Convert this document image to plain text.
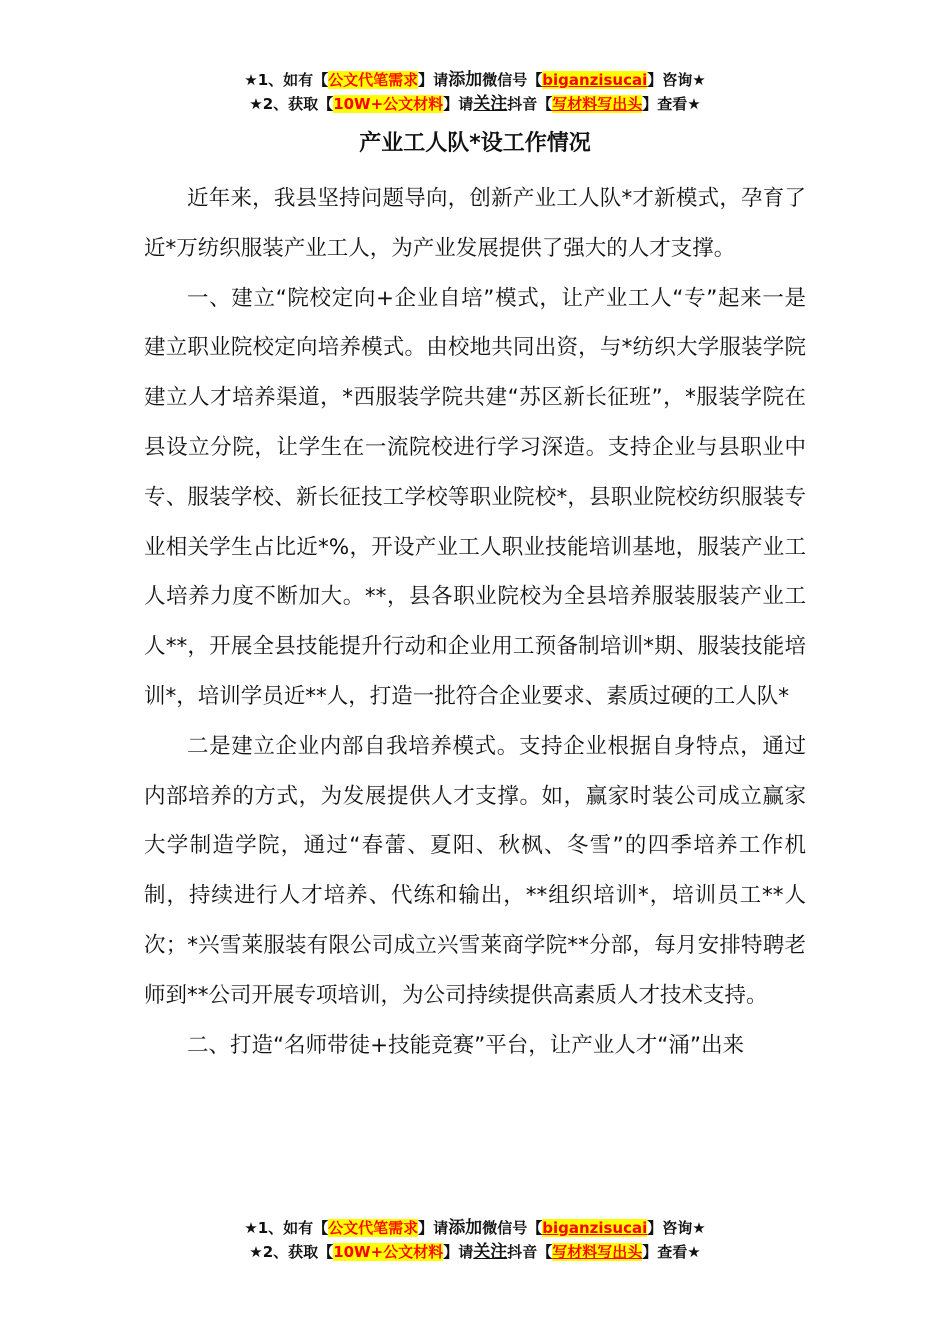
★1、如有【公文代笔需求】请添加微信号【biganzisucai】咨询★
★2、获取【10W+公文材料】请关注抖音【写材料写出头】查看★
产业工人队*设工作情况

近年来，我县坚持问题导向，创新产业工人队*才新模式，孕育了近*万纺织服装产业工人，为产业发展提供了强大的人才支撑。

一、建立“院校定向+企业自培”模式，让产业工人“专”起来一是建立职业院校定向培养模式。由校地共同出资，与*纺织大学服装学院建立人才培养渠道，*西服装学院共建“苏区新长征班”，*服装学院在县设立分院，让学生在一流院校进行学习深造。支持企业与县职业中专、服装学校、新长征技工学校等职业院校*，县职业院校纺织服装专业相关学生占比近*%，开设产业工人职业技能培训基地，服装产业工人培养力度不断加大。**，县各职业院校为全县培养服装服装产业工人**，开展全县技能提升行动和企业用工预备制培训*期、服装技能培训*，培训学员近**人，打造一批符合企业要求、素质过硬的工人队*

二是建立企业内部自我培养模式。支持企业根据自身特点，通过内部培养的方式，为发展提供人才支撑。如，赢家时装公司成立赢家大学制造学院，通过“春蕾、夏阳、秋枫、冬雪”的四季培养工作机制，持续进行人才培养、代练和输出，**组织培训*，培训员工**人次；*兴雪莱服装有限公司成立兴雪莱商学院**分部，每月安排特聘老师到**公司开展专项培训，为公司持续提供高素质人才技术支持。

二、打造“名师带徒+技能竞赛”平台，让产业人才“涌”出来

★1、如有【公文代笔需求】请添加微信号【biganzisucai】咨询★
★2、获取【10W+公文材料】请关注抖音【写材料写出头】查看★
